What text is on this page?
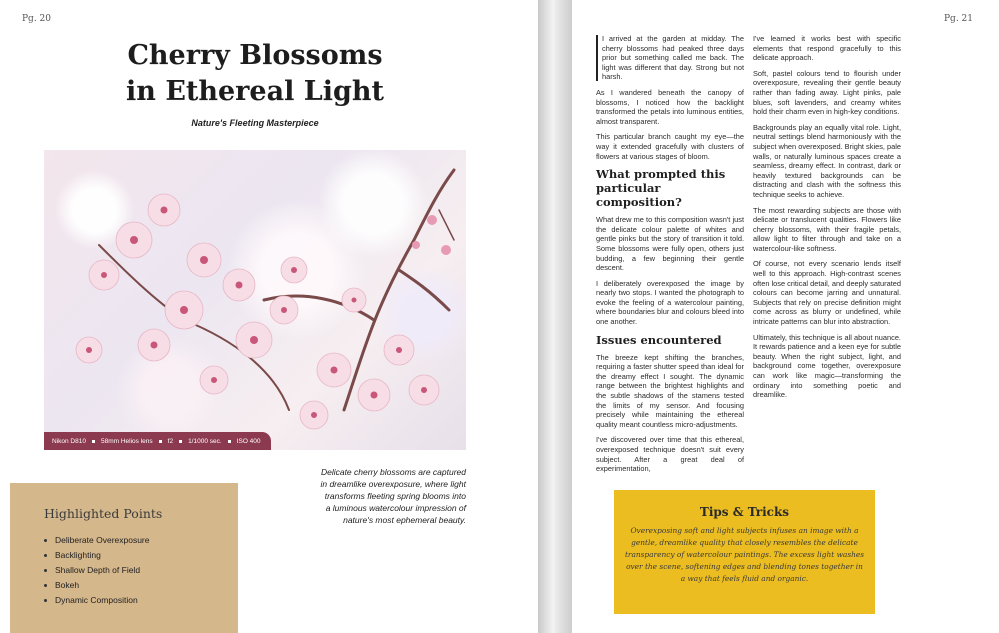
Pg. 20
Cherry Blossoms in Ethereal Light
Nature's Fleeting Masterpiece
Nikon D810 58mm Helios lens f2 1/1000 sec. ISO 400
Delicate cherry blossoms are captured in dreamlike overexposure, where light transforms fleeting spring blooms into a luminous watercolour impression of nature's most ephemeral beauty.
Highlighted Points
Deliberate Overexposure
Backlighting
Shallow Depth of Field
Bokeh
Dynamic Composition
Pg. 21

I arrived at the garden at midday. The cherry blossoms had peaked three days prior but something called me back. The light was different that day. Strong but not harsh.

As I wandered beneath the canopy of blossoms, I noticed how the backlight transformed the petals into luminous entities, almost transparent.

This particular branch caught my eye—the way it extended gracefully with clusters of flowers at various stages of bloom.

What prompted this particular composition?

What drew me to this composition wasn't just the delicate colour palette of whites and gentle pinks but the story of transition it told. Some blossoms were fully open, others just budding, a few beginning their gentle descent.

I deliberately overexposed the image by nearly two stops. I wanted the photograph to evoke the feeling of a watercolour painting, where boundaries blur and colours bleed into one another.

Issues encountered

The breeze kept shifting the branches, requiring a faster shutter speed than ideal for the dreamy effect I sought. The dynamic range between the brightest highlights and the subtle shadows of the stamens tested the limits of my sensor. And focusing precisely while maintaining the ethereal quality meant countless micro-adjustments.

I've discovered over time that this ethereal, overexposed technique doesn't suit every subject. After a great deal of experimentation,

I've learned it works best with specific elements that respond gracefully to this delicate approach.

Soft, pastel colours tend to flourish under overexposure, revealing their gentle beauty rather than fading away. Light pinks, pale blues, soft lavenders, and creamy whites hold their charm even in high-key conditions.

Backgrounds play an equally vital role. Light, neutral settings blend harmoniously with the subject when overexposed. Bright skies, pale walls, or naturally luminous spaces create a seamless, dreamy effect. In contrast, dark or heavily textured backgrounds can be distracting and clash with the softness this technique seeks to achieve.

The most rewarding subjects are those with delicate or translucent qualities. Flowers like cherry blossoms, with their fragile petals, allow light to filter through and take on a watercolour-like softness.

Of course, not every scenario lends itself well to this approach. High-contrast scenes often lose critical detail, and deeply saturated colours can become jarring and unnatural. Subjects that rely on precise definition might come across as blurry or undefined, while intricate patterns can blur into abstraction.

Ultimately, this technique is all about nuance. It rewards patience and a keen eye for subtle beauty. When the right subject, light, and background come together, overexposure can work like magic—transforming the ordinary into something poetic and dreamlike.

Tips & Tricks

Overexposing soft and light subjects infuses an image with a gentle, dreamlike quality that closely resembles the delicate transparency of watercolour paintings. The excess light washes over the scene, softening edges and blending tones together in a way that feels fluid and organic.
